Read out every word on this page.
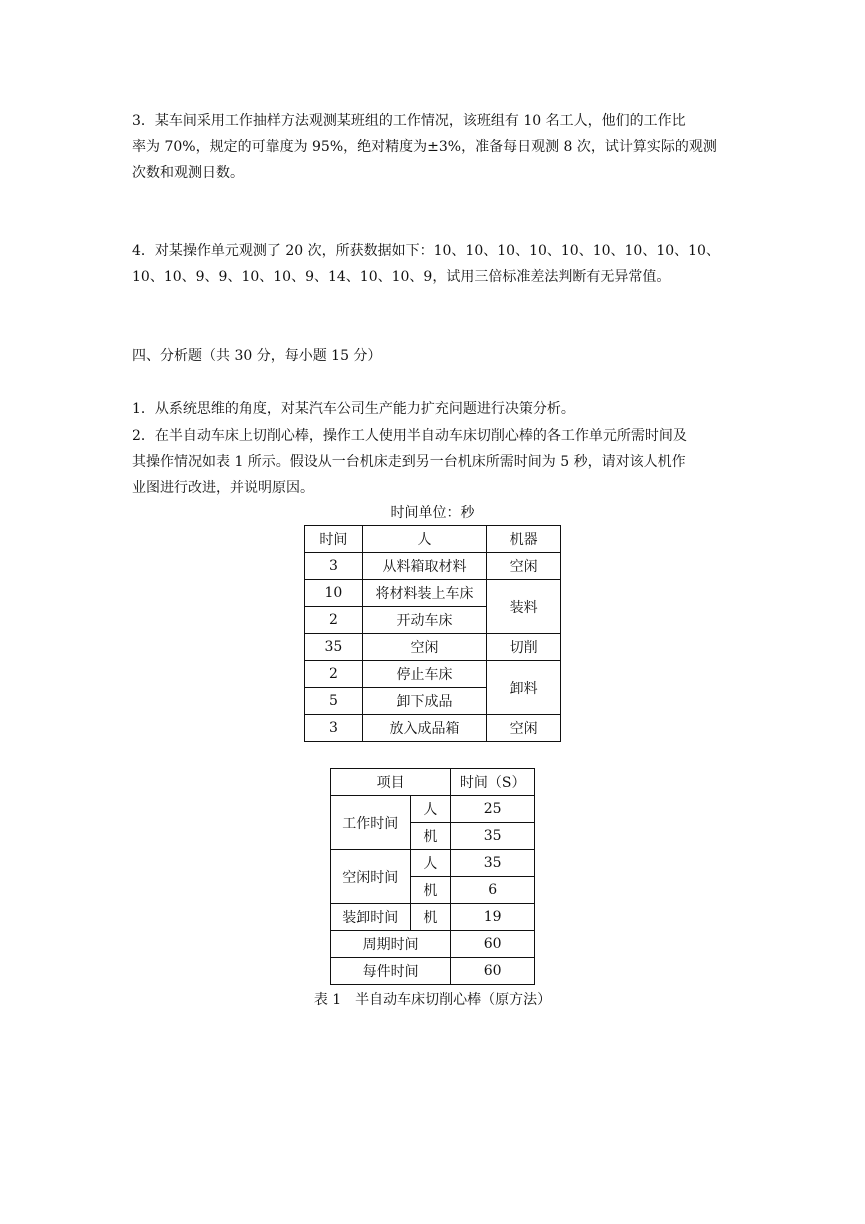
3．某车间采用工作抽样方法观测某班组的工作情况，该班组有 10 名工人，他们的工作比
率为 70%，规定的可靠度为 95%，绝对精度为±3%，准备每日观测 8 次，试计算实际的观测
次数和观测日数。
4．对某操作单元观测了 20 次，所获数据如下：10、10、10、10、10、10、10、10、10、
10、10、9、9、10、10、9、14、10、10、9，试用三倍标准差法判断有无异常值。
四、分析题（共 30 分，每小题 15 分）
1．从系统思维的角度，对某汽车公司生产能力扩充问题进行决策分析。
2．在半自动车床上切削心棒，操作工人使用半自动车床切削心棒的各工作单元所需时间及
其操作情况如表 1 所示。假设从一台机床走到另一台机床所需时间为 5 秒，请对该人机作
业图进行改进，并说明原因。
时间单位：秒
时间	人	机器
3	从料箱取材料	空闲
10	将材料装上车床	装料
2	开动车床	
35	空闲	切削
2	停止车床	卸料
5	卸下成品	
3	放入成品箱	空闲
项目		时间（S）
工作时间	人	25
	机	35
空闲时间	人	35
	机	6
装卸时间	机	19
周期时间		60
每件时间		60
表 1　半自动车床切削心棒（原方法）
